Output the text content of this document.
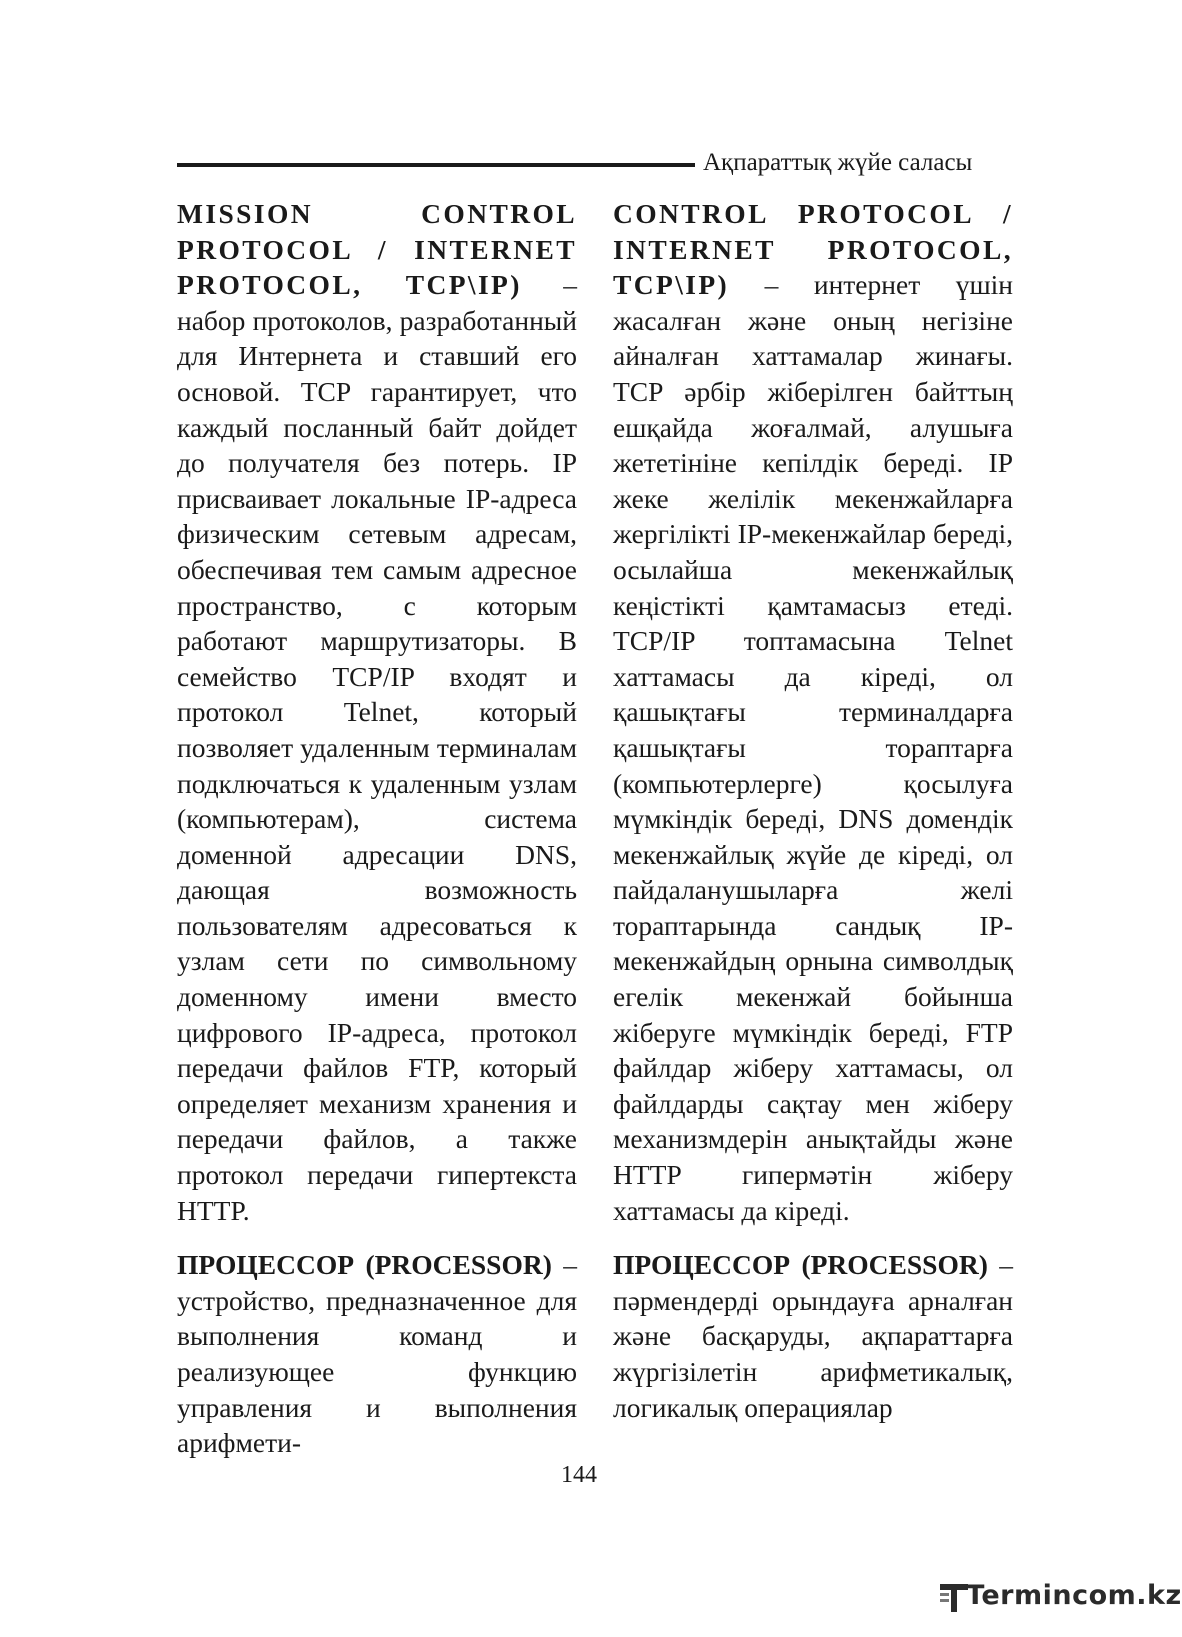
Ақпараттық жүйе саласы

MISSION CONTROL PROTOCOL / INTERNET PROTOCOL, TCP\IP) – набор протоколов, разработанный для Интернета и ставший его основой. TCP гарантирует, что каждый посланный байт дойдет до получателя без потерь. IP присваивает локальные IP-адреса физическим сетевым адресам, обеспечивая тем самым адресное пространство, с которым работают маршрутизаторы. В семейство TCP/IP входят и протокол Telnet, который позволяет удаленным терминалам подключаться к удаленным узлам (компьютерам), система доменной адресации DNS, дающая возможность пользователям адресоваться к узлам сети по символьному доменному имени вместо цифрового IP-адреса, протокол передачи файлов FTP, который определяет механизм хранения и передачи файлов, а также протокол передачи гипертекста HTTP.

ПРОЦЕССОР (PROCESSOR) – устройство, предназначенное для выполнения команд и реализующее функцию управления и выполнения арифмети-

CONTROL PROTOCOL / INTERNET PROTOCOL, TCP\IP) – интернет үшін жасалған және оның негізіне айналған хаттамалар жинағы. TCP әрбір жіберілген байттың ешқайда жоғалмай, алушыға жететініне кепілдік береді. IP жеке желілік мекенжайларға жергілікті IP-мекенжайлар береді, осылайша мекенжайлық кеңістікті қамтамасыз етеді. TCP/IP топтамасына Telnet хаттамасы да кіреді, ол қашықтағы терминалдарға қашықтағы тораптарға (компьютерлерге) қосылуға мүмкіндік береді, DNS домендік мекенжайлық жүйе де кіреді, ол пайдаланушыларға желі тораптарында сандық IP-мекенжайдың орнына символдық егелік мекенжай бойынша жіберуге мүмкіндік береді, FTP файлдар жіберу хаттамасы, ол файлдарды сақтау мен жіберу механизмдерін анықтайды және HTTP гипермәтін жіберу хаттамасы да кіреді.

ПРОЦЕССОР (PROCESSOR) – пәрмендерді орындауға арналған және басқаруды, ақпараттарға жүргізілетін арифметикалық, логикалық операциялар

144
Termincom.kz
